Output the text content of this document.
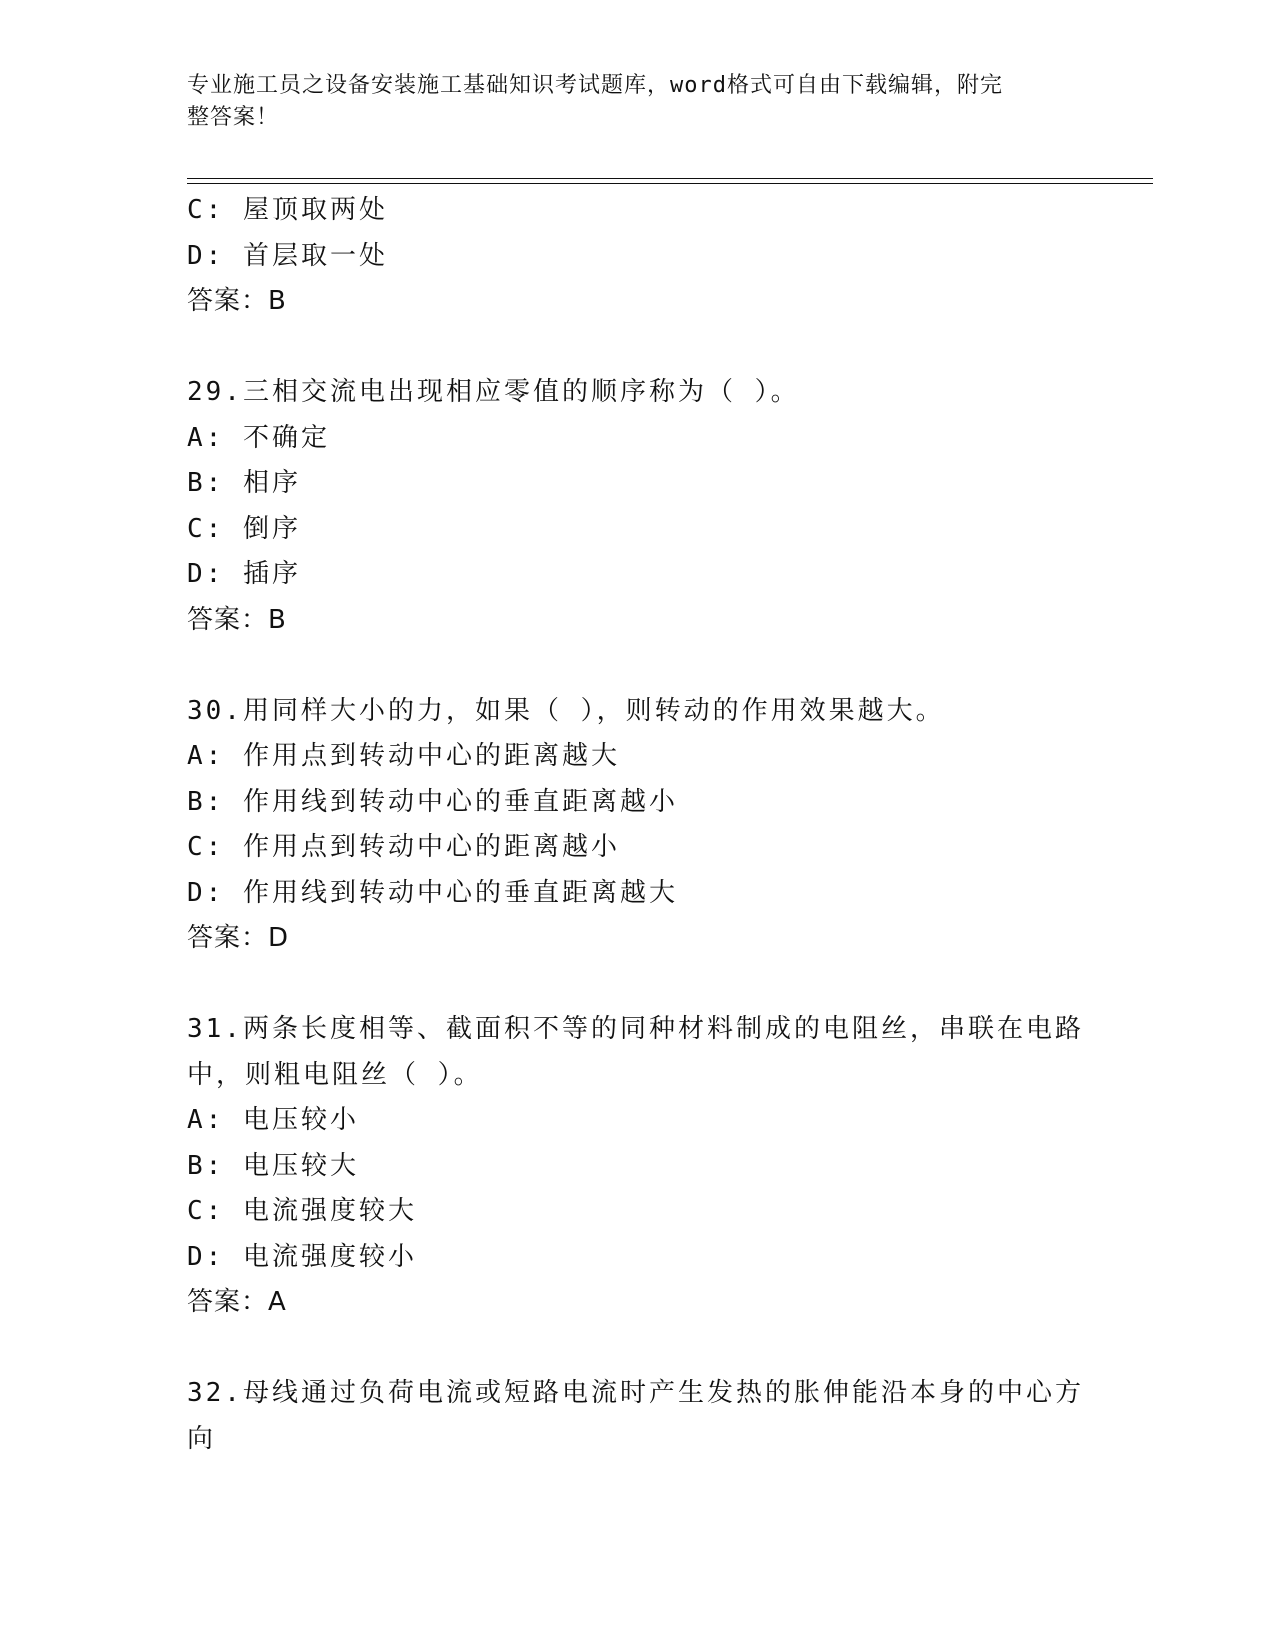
专业施工员之设备安装施工基础知识考试题库，word格式可自由下载编辑，附完
整答案！
C: 屋顶取两处
D: 首层取一处
答案：B
29.三相交流电出现相应零值的顺序称为（ ）。
A: 不确定
B: 相序
C: 倒序
D: 插序
答案：B
30.用同样大小的力，如果（ ），则转动的作用效果越大。
A: 作用点到转动中心的距离越大
B: 作用线到转动中心的垂直距离越小
C: 作用点到转动中心的距离越小
D: 作用线到转动中心的垂直距离越大
答案：D
31.两条长度相等、截面积不等的同种材料制成的电阻丝，串联在电路
中，则粗电阻丝（ ）。
A: 电压较小
B: 电压较大
C: 电流强度较大
D: 电流强度较小
答案：A
32.母线通过负荷电流或短路电流时产生发热的胀伸能沿本身的中心方
向
